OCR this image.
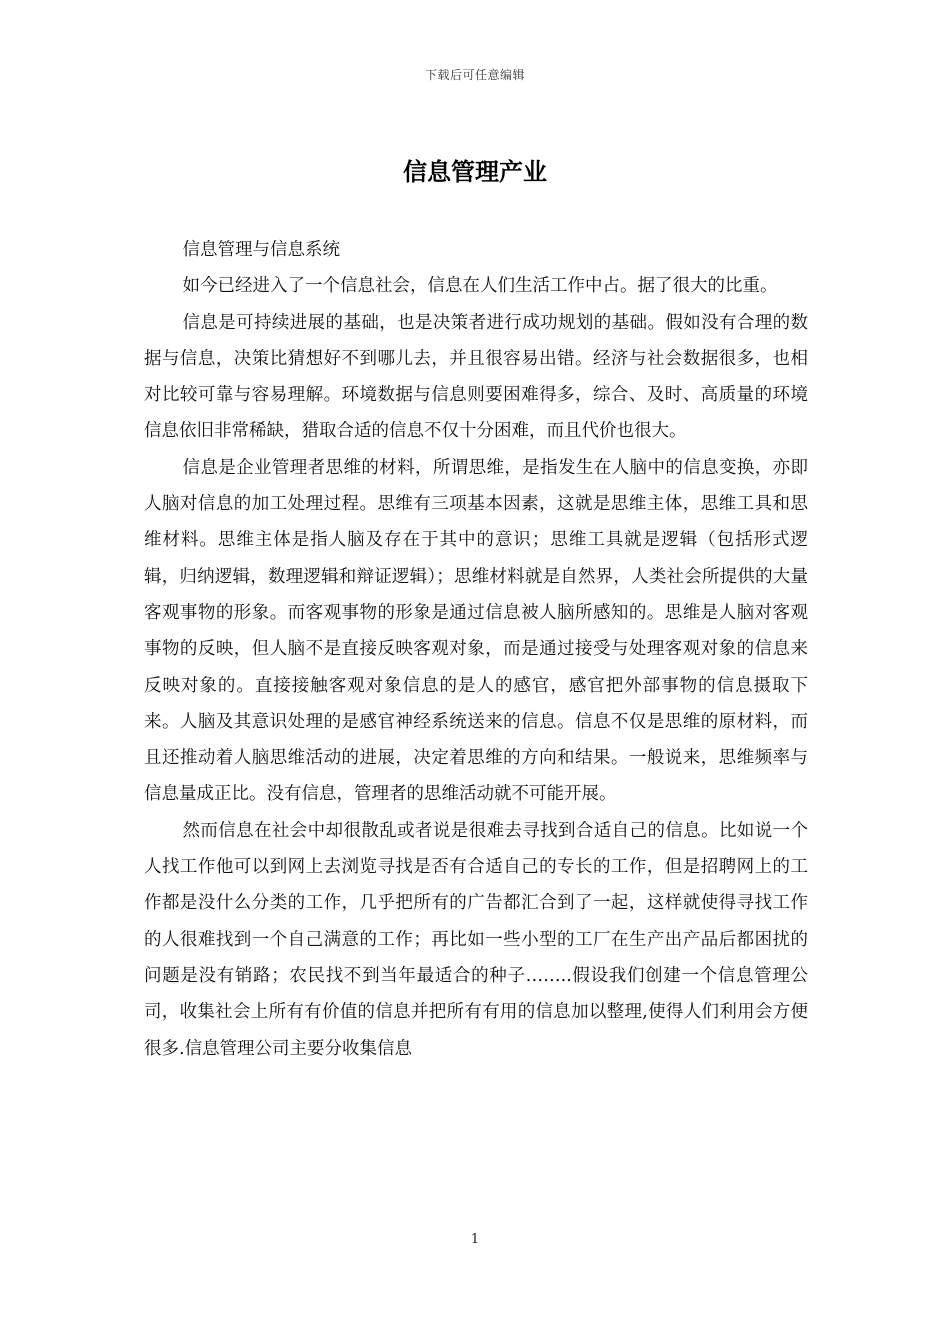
下载后可任意编辑
信息管理产业

信息管理与信息系统

如今已经进入了一个信息社会，信息在人们生活工作中占。据了很大的比重。

信息是可持续进展的基础，也是决策者进行成功规划的基础。假如没有合理的数据与信息，决策比猜想好不到哪儿去，并且很容易出错。经济与社会数据很多，也相对比较可靠与容易理解。环境数据与信息则要困难得多，综合、及时、高质量的环境信息依旧非常稀缺，猎取合适的信息不仅十分困难，而且代价也很大。

信息是企业管理者思维的材料，所谓思维，是指发生在人脑中的信息变换，亦即人脑对信息的加工处理过程。思维有三项基本因素，这就是思维主体，思维工具和思维材料。思维主体是指人脑及存在于其中的意识；思维工具就是逻辑（包括形式逻辑，归纳逻辑，数理逻辑和辩证逻辑）；思维材料就是自然界，人类社会所提供的大量客观事物的形象。而客观事物的形象是通过信息被人脑所感知的。思维是人脑对客观事物的反映，但人脑不是直接反映客观对象，而是通过接受与处理客观对象的信息来反映对象的。直接接触客观对象信息的是人的感官，感官把外部事物的信息摄取下来。人脑及其意识处理的是感官神经系统送来的信息。信息不仅是思维的原材料，而且还推动着人脑思维活动的进展，决定着思维的方向和结果。一般说来，思维频率与信息量成正比。没有信息，管理者的思维活动就不可能开展。

然而信息在社会中却很散乱或者说是很难去寻找到合适自己的信息。比如说一个人找工作他可以到网上去浏览寻找是否有合适自己的专长的工作，但是招聘网上的工作都是没什么分类的工作，几乎把所有的广告都汇合到了一起，这样就使得寻找工作的人很难找到一个自己满意的工作；再比如一些小型的工厂在生产出产品后都困扰的问题是没有销路；农民找不到当年最适合的种子……..假设我们创建一个信息管理公司，收集社会上所有有价值的信息并把所有有用的信息加以整理,使得人们利用会方便很多.信息管理公司主要分收集信息

1
